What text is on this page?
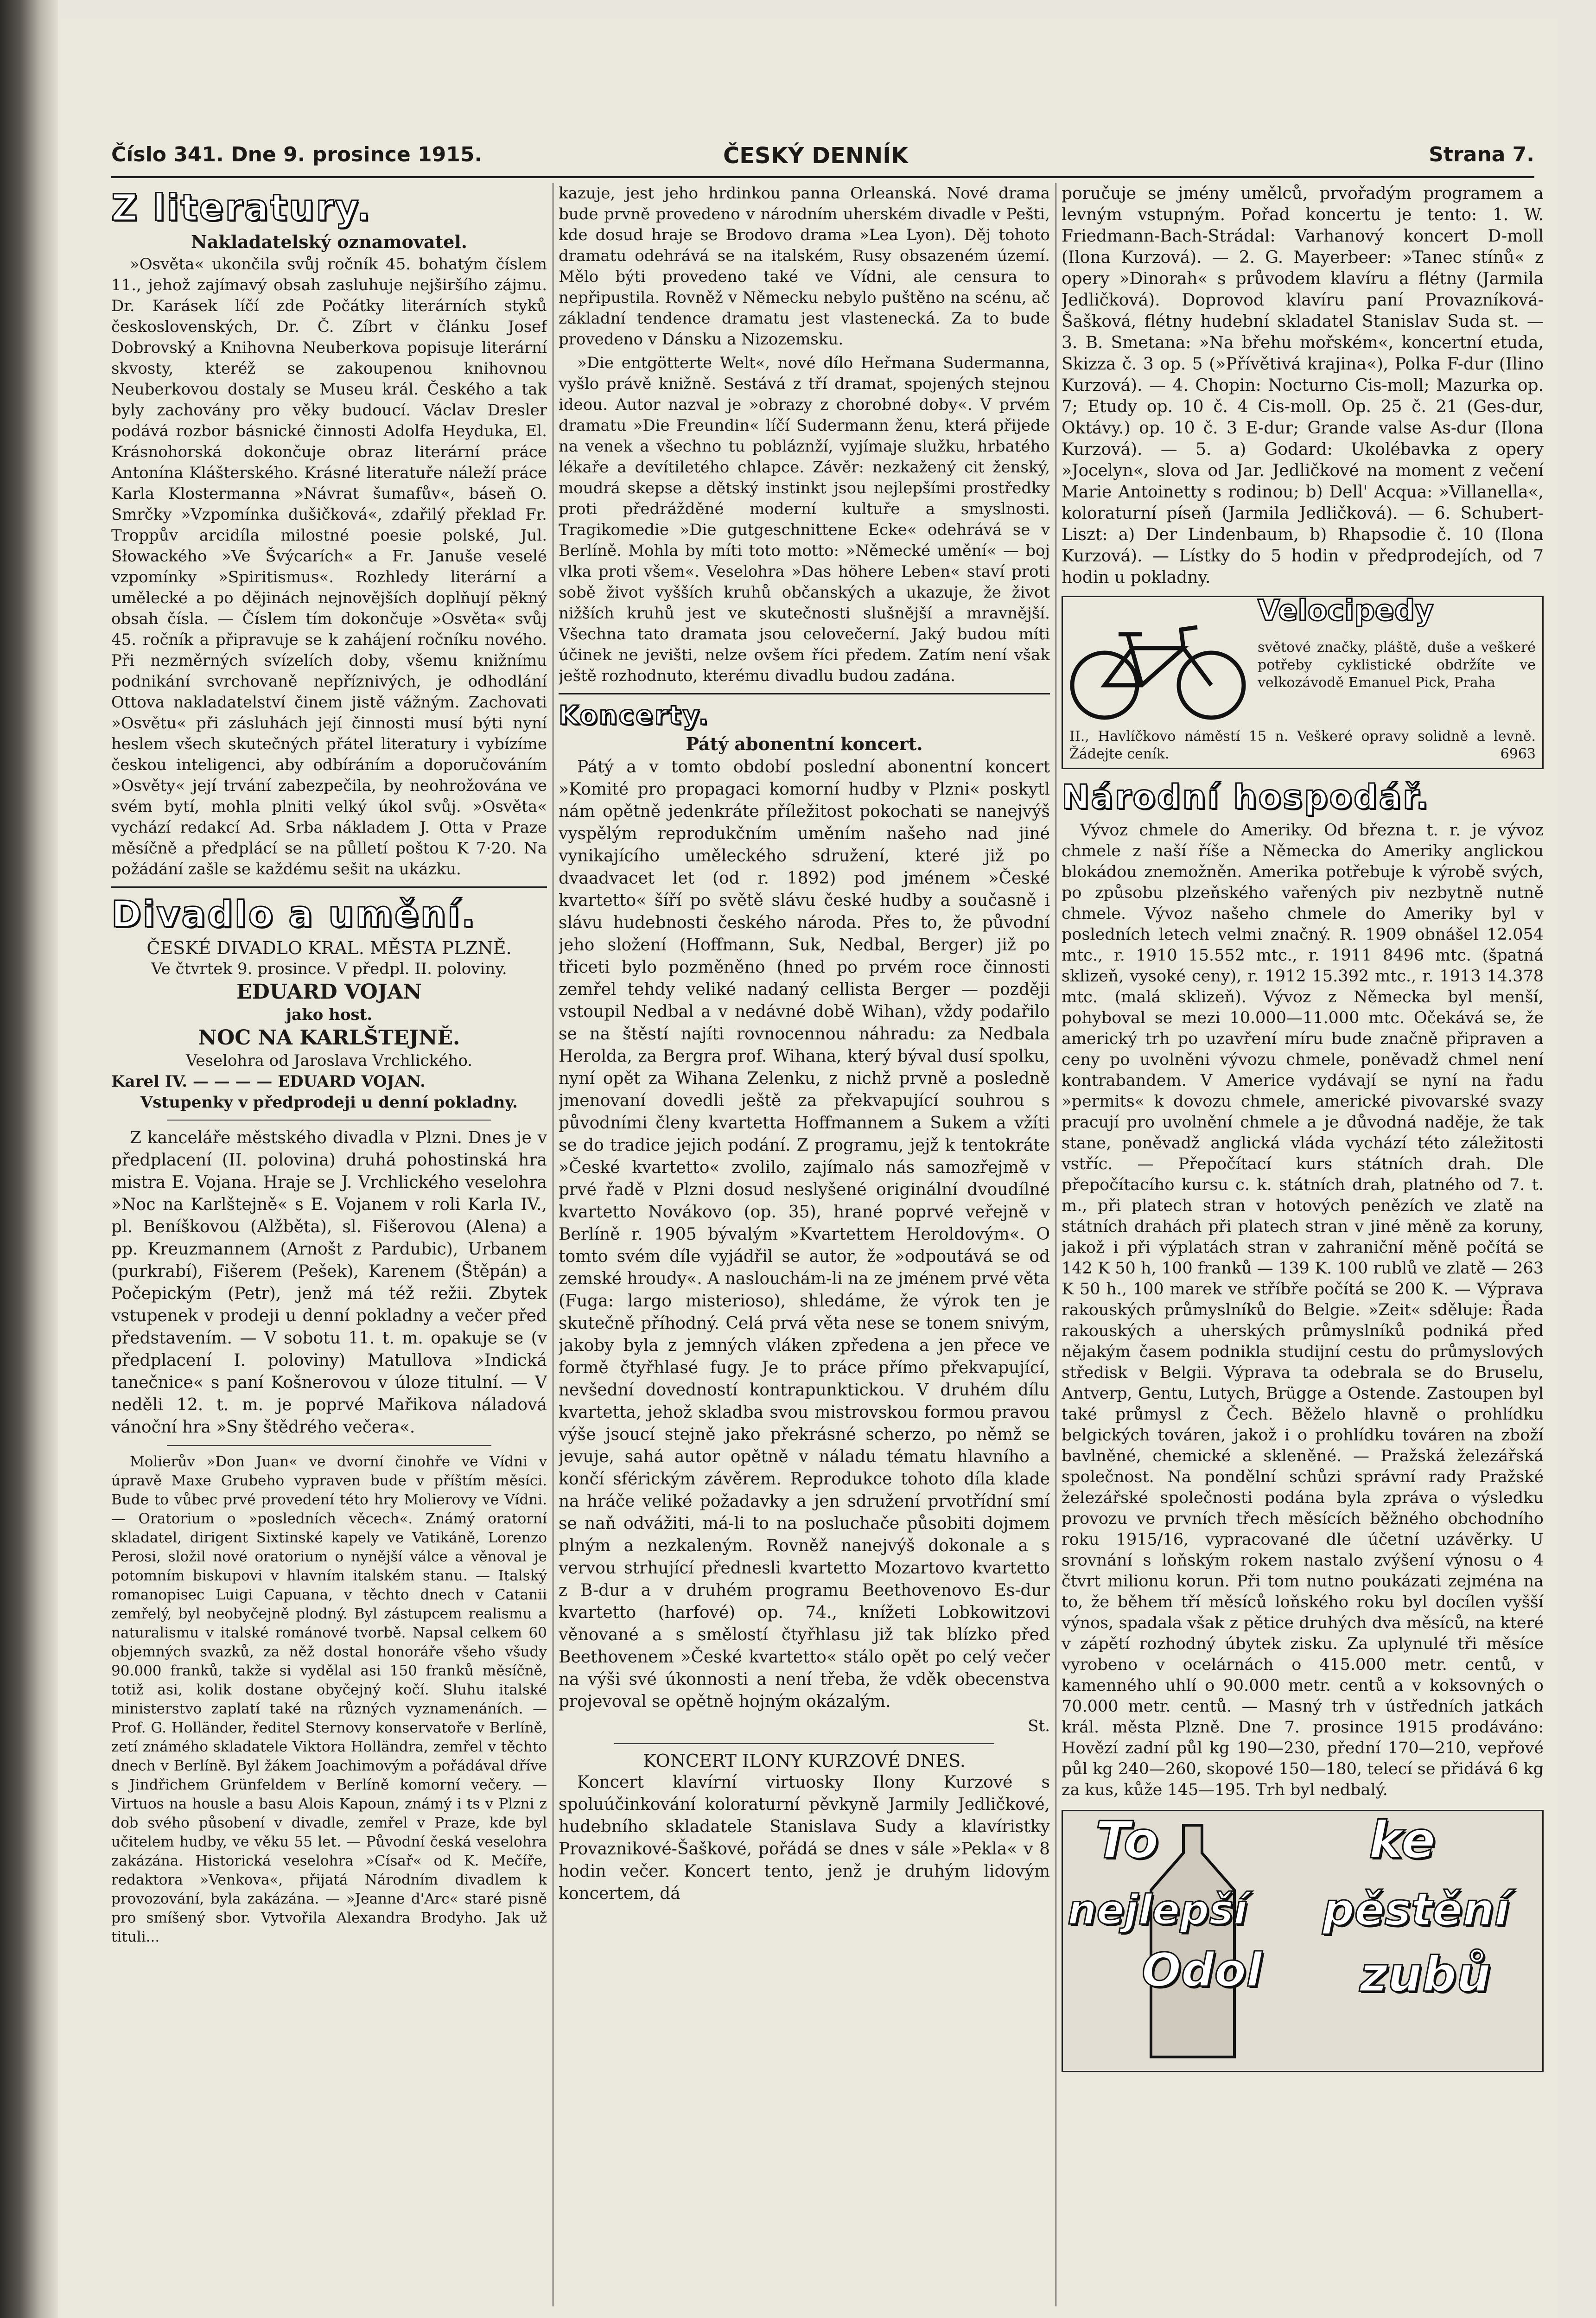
Číslo 341. Dne 9. prosince 1915.	ČESKÝ DENNÍK	Strana 7.
Z literatury.
Nakladatelský oznamovatel.

»Osvěta« ukončila svůj ročník 45. bohatým číslem 11., jehož zajímavý obsah zasluhuje nejširšího zájmu. Dr. Karásek líčí zde Počátky literárních styků československých, Dr. Č. Zíbrt v článku Josef Dobrovský a Knihovna Neuberkova popisuje literární skvosty, kteréž se zakoupenou knihovnou Neuberkovou dostaly se Museu král. Českého a tak byly zachovány pro věky budoucí. Václav Dresler podává rozbor básnické činnosti Adolfa Heyduka, El. Krásnohorská dokončuje obraz literární práce Antonína Klášterského. Krásné literatuře náleží práce Karla Klostermanna »Návrat šumafův«, báseň O. Smrčky »Vzpomínka dušičková«, zdařilý překlad Fr. Troppův arcidíla milostné poesie polské, Jul. Słowackého »Ve Švýcarích« a Fr. Januše veselé vzpomínky »Spiritismus«. Rozhledy literární a umělecké a po dějinách nejnovějších doplňují pěkný obsah čísla. — Číslem tím dokončuje »Osvěta« svůj 45. ročník a připravuje se k zahájení ročníku nového. Při nezměrných svízelích doby, všemu knižnímu podnikání svrchovaně nepříznivých, je odhodlání Ottova nakladatelství činem jistě vážným. Zachovati »Osvětu« při zásluhách její činnosti musí býti nyní heslem všech skutečných přátel literatury i vybízíme českou inteligenci, aby odbíráním a doporučováním »Osvěty« její trvání zabezpečila, by neohrožována ve svém bytí, mohla plniti velký úkol svůj. »Osvěta« vychází redakcí Ad. Srba nákladem J. Otta v Praze měsíčně a předplácí se na půlletí poštou K 7·20. Na požádání zašle se každému sešit na ukázku.

Divadlo a umění.
ČESKÉ DIVADLO KRAL. MĚSTA PLZNĚ.
Ve čtvrtek 9. prosince. V předpl. II. poloviny.
EDUARD VOJAN
jako host.
NOC NA KARLŠTEJNĚ.
Veselohra od Jaroslava Vrchlického.
Karel IV. — — — — EDUARD VOJAN.
Vstupenky v předprodeji u denní pokladny.

Z kanceláře městského divadla v Plzni. Dnes je v předplacení (II. polovina) druhá pohostinská hra mistra E. Vojana. Hraje se J. Vrchlického veselohra »Noc na Karlštejně« s E. Vojanem v roli Karla IV., pl. Beníškovou (Alžběta), sl. Fišerovou (Alena) a pp. Kreuzmannem (Arnošt z Pardubic), Urbanem (purkrabí), Fišerem (Pešek), Karenem (Štěpán) a Počepickým (Petr), jenž má též režii. Zbytek vstupenek v prodeji u denní pokladny a večer před představením. — V sobotu 11. t. m. opakuje se (v předplacení I. poloviny) Matullova »Indická tanečnice« s paní Košnerovou v úloze titulní. — V neděli 12. t. m. je poprvé Mařikova náladová vánoční hra »Sny štědrého večera«.

Molierův »Don Juan« ve dvorní činohře ve Vídni v úpravě Maxe Grubeho vypraven bude v příštím měsíci. Bude to vůbec prvé provedení této hry Molierovy ve Vídni. — Oratorium o »posledních věcech«. Známý oratorní skladatel, dirigent Sixtinské kapely ve Vatikáně, Lorenzo Perosi, složil nové oratorium o nynější válce a věnoval je potomním biskupovi v hlavním italském stanu. — Italský romanopisec Luigi Capuana, v těchto dnech v Catanii zemřelý, byl neobyčejně plodný. Byl zástupcem realismu a naturalismu v italské románové tvorbě. Napsal celkem 60 objemných svazků, za něž dostal honoráře všeho všudy 90.000 franků, takže si vydělal asi 150 franků měsíčně, totiž asi, kolik dostane obyčejný kočí. Sluhu italské ministerstvo zaplatí také na různých vyznamenáních. — Prof. G. Holländer, ředitel Sternovy konservatoře v Berlíně, zetí známého skladatele Viktora Holländra, zemřel v těchto dnech v Berlíně. Byl žákem Joachimovým a pořádával dříve s Jindřichem Grünfeldem v Berlíně komorní večery. — Virtuos na housle a basu Alois Kapoun, známý i ts v Plzni z dob svého působení v divadle, zemřel v Praze, kde byl učitelem hudby, ve věku 55 let. — Původní česká veselohra zakázána. Historická veselohra »Císař« od K. Mečíře, redaktora »Venkova«, přijatá Národním divadlem k provozování, byla zakázána. — »Jeanne d'Arc« staré pisně pro smíšený sbor. Vytvořila Alexandra Brodyho. Jak už tituli...

kazuje, jest jeho hrdinkou panna Orleanská. Nové drama bude prvně provedeno v národním uherském divadle v Pešti, kde dosud hraje se Brodovo drama »Lea Lyon). Děj tohoto dramatu odehrává se na italském, Rusy obsazeném území. Mělo býti provedeno také ve Vídni, ale censura to nepřipustila. Rovněž v Německu nebylo puštěno na scénu, ač základní tendence dramatu jest vlastenecká. Za to bude provedeno v Dánsku a Nizozemsku.

»Die entgötterte Welt«, nové dílo Heřmana Sudermanna, vyšlo právě knižně. Sestává z tří dramat, spojených stejnou ideou. Autor nazval je »obrazy z chorobné doby«. V prvém dramatu »Die Freundin« líčí Sudermann ženu, která přijede na venek a všechno tu pobláznží, vyjímaje služku, hrbatého lékaře a devítiletého chlapce. Závěr: nezkažený cit ženský, moudrá skepse a dětský instinkt jsou nejlepšími prostředky proti předrážděné moderní kultuře a smyslnosti. Tragikomedie »Die gutgeschnittene Ecke« odehrává se v Berlíně. Mohla by míti toto motto: »Německé umění« — boj vlka proti všem«. Veselohra »Das höhere Leben« staví proti sobě život vyšších kruhů občanských a ukazuje, že život nižších kruhů jest ve skutečnosti slušnější a mravnější. Všechna tato dramata jsou celovečerní. Jaký budou míti účinek ne jevišti, nelze ovšem říci předem. Zatím není však ještě rozhodnuto, kterému divadlu budou zadána.

Koncerty.
Pátý abonentní koncert.

Pátý a v tomto období poslední abonentní koncert »Komité pro propagaci komorní hudby v Plzni« poskytl nám opětně jedenkráte příležitost pokochati se nanejvýš vyspělým reprodukčním uměním našeho nad jiné vynikajícího uměleckého sdružení, které již po dvaadvacet let (od r. 1892) pod jménem »České kvartetto« šíří po světě slávu české hudby a současně i slávu hudebnosti českého národa. Přes to, že původní jeho složení (Hoffmann, Suk, Nedbal, Berger) již po třiceti bylo pozměněno (hned po prvém roce činnosti zemřel tehdy veliké nadaný cellista Berger — později vstoupil Nedbal a v nedávné době Wihan), vždy podařilo se na štěstí najíti rovnocennou náhradu: za Nedbala Herolda, za Bergra prof. Wihana, který býval dusí spolku, nyní opět za Wihana Zelenku, z nichž prvně a posledně jmenovaní dovedli ještě za překvapující souhrou s původními členy kvartetta Hoffmannem a Sukem a vžíti se do tradice jejich podání. Z programu, jejž k tentokráte »České kvartetto« zvolilo, zajímalo nás samozřejmě v prvé řadě v Plzni dosud neslyšené originální dvoudílné kvartetto Novákovo (op. 35), hrané poprvé veřejně v Berlíně r. 1905 bývalým »Kvartettem Heroldovým«. O tomto svém díle vyjádřil se autor, že »odpoutává se od zemské hroudy«. A naslouchám-li na ze jménem prvé věta (Fuga: largo misterioso), shledáme, že výrok ten je skutečně příhodný. Celá prvá věta nese se tonem snivým, jakoby byla z jemných vláken zpředena a jen přece ve formě čtyřhlasé fugy. Je to práce přímo překvapující, nevšední dovedností kontrapunktickou. V druhém dílu kvartetta, jehož skladba svou mistrovskou formou pravou výše jsoucí stejně jako překrásné scherzo, po němž se jevuje, sahá autor opětně v náladu tématu hlavního a končí sférickým závěrem. Reprodukce tohoto díla klade na hráče veliké požadavky a jen sdružení prvotřídní smí se naň odvážiti, má-li to na posluchače působiti dojmem plným a nezkaleným. Rovněž nanejvýš dokonale a s vervou strhující přednesli kvartetto Mozartovo kvartetto z B-dur a v druhém programu Beethovenovo Es-dur kvartetto (harfové) op. 74., knížeti Lobkowitzovi věnované a s smělostí čtyřhlasu již tak blízko před Beethovenem »České kvartetto« stálo opět po celý večer na výši své úkonnosti a není třeba, že vděk obecenstva projevoval se opětně hojným okázalým.

St.
KONCERT ILONY KURZOVÉ DNES.

Koncert klavírní virtuosky Ilony Kurzové s spoluúčinkování koloraturní pěvkyně Jarmily Jedličkové, hudebního skladatele Stanislava Sudy a klavíristky Provaznikové-Šaškové, pořádá se dnes v sále »Pekla« v 8 hodin večer. Koncert tento, jenž je druhým lidovým koncertem, dá

poručuje se jmény umělců, prvořadým programem a levným vstupným. Pořad koncertu je tento: 1. W. Friedmann-Bach-Strádal: Varhanový koncert D-moll (Ilona Kurzová). — 2. G. Mayerbeer: »Tanec stínů« z opery »Dinorah« s průvodem klavíru a flétny (Jarmila Jedličková). Doprovod klavíru paní Provazníková-Šašková, flétny hudební skladatel Stanislav Suda st. — 3. B. Smetana: »Na břehu mořském«, koncertní etuda, Skizza č. 3 op. 5 (»Přívětivá krajina«), Polka F-dur (Ilino Kurzová). — 4. Chopin: Nocturno Cis-moll; Mazurka op. 7; Etudy op. 10 č. 4 Cis-moll. Op. 25 č. 21 (Ges-dur, Oktávy.) op. 10 č. 3 E-dur; Grande valse As-dur (Ilona Kurzová). — 5. a) Godard: Ukolébavka z opery »Jocelyn«, slova od Jar. Jedličkové na moment z večení Marie Antoinetty s rodinou; b) Dell' Acqua: »Villanella«, koloraturní píseň (Jarmila Jedličková). — 6. Schubert-Liszt: a) Der Lindenbaum, b) Rhapsodie č. 10 (Ilona Kurzová). — Lístky do 5 hodin v předprodejích, od 7 hodin u pokladny.

Velocipedy
světové značky, pláště, duše a veškeré potřeby cyklistické obdržíte ve velkozávodě Emanuel Pick, Praha
II., Havlíčkovo náměstí 15 n. Veškeré opravy solidně a levně. Žádejte ceník.	6963
Národní hospodář.

Vývoz chmele do Ameriky. Od března t. r. je vývoz chmele z naší říše a Německa do Ameriky anglickou blokádou znemožněn. Amerika potřebuje k výrobě svých, po způsobu plzeňského vařených piv nezbytně nutně chmele. Vývoz našeho chmele do Ameriky byl v posledních letech velmi značný. R. 1909 obnášel 12.054 mtc., r. 1910 15.552 mtc., r. 1911 8496 mtc. (špatná sklizeň, vysoké ceny), r. 1912 15.392 mtc., r. 1913 14.378 mtc. (malá sklizeň). Vývoz z Německa byl menší, pohyboval se mezi 10.000—11.000 mtc. Očekává se, že americký trh po uzavření míru bude značně připraven a ceny po uvolněni vývozu chmele, poněvadž chmel není kontrabandem. V Americe vydávají se nyní na řadu »permits« k dovozu chmele, americké pivovarské svazy pracují pro uvolnění chmele a je důvodná naděje, že tak stane, poněvadž anglická vláda vychází této záležitosti vstříc. — Přepočítací kurs státních drah. Dle přepočítacího kursu c. k. státních drah, platného od 7. t. m., při platech stran v hotových penězích ve zlatě na státních drahách při platech stran v jiné měně za koruny, jakož i při výplatách stran v zahraniční měně počítá se 142 K 50 h, 100 franků — 139 K. 100 rublů ve zlatě — 263 K 50 h., 100 marek ve stříbře počítá se 200 K. — Výprava rakouských průmyslníků do Belgie. »Zeit« sděluje: Řada rakouských a uherských průmyslníků podniká před nějakým časem podnikla studijní cestu do průmyslových středisk v Belgii. Výprava ta odebrala se do Bruselu, Antverp, Gentu, Lutych, Brügge a Ostende. Zastoupen byl také průmysl z Čech. Běželo hlavně o prohlídku belgických továren, jakož i o prohlídku továren na zboží bavlněné, chemické a skleněné. — Pražská železářská společnost. Na pondělní schůzi správní rady Pražské železářské společnosti podána byla zpráva o výsledku provozu ve prvních třech měsících běžného obchodního roku 1915/16, vypracované dle účetní uzávěrky. U srovnání s loňským rokem nastalo zvýšení výnosu o 4 čtvrt milionu korun. Při tom nutno poukázati zejména na to, že během tří měsíců loňského roku byl docílen vyšší výnos, spadala však z pětice druhých dva měsíců, na které v zápětí rozhodný úbytek zisku. Za uplynulé tři měsíce vyrobeno v ocelárnách o 415.000 metr. centů, v kamenného uhlí o 90.000 metr. centů a v koksovných o 70.000 metr. centů. — Masný trh v ústředních jatkách král. města Plzně. Dne 7. prosince 1915 prodáváno: Hovězí zadní půl kg 190—230, přední 170—210, vepřové půl kg 240—260, skopové 150—180, telecí se přidává 6 kg za kus, kůže 145—195. Trh byl nedbalý.

To
nejlepší
Odol
ke
pěstění
zubů
